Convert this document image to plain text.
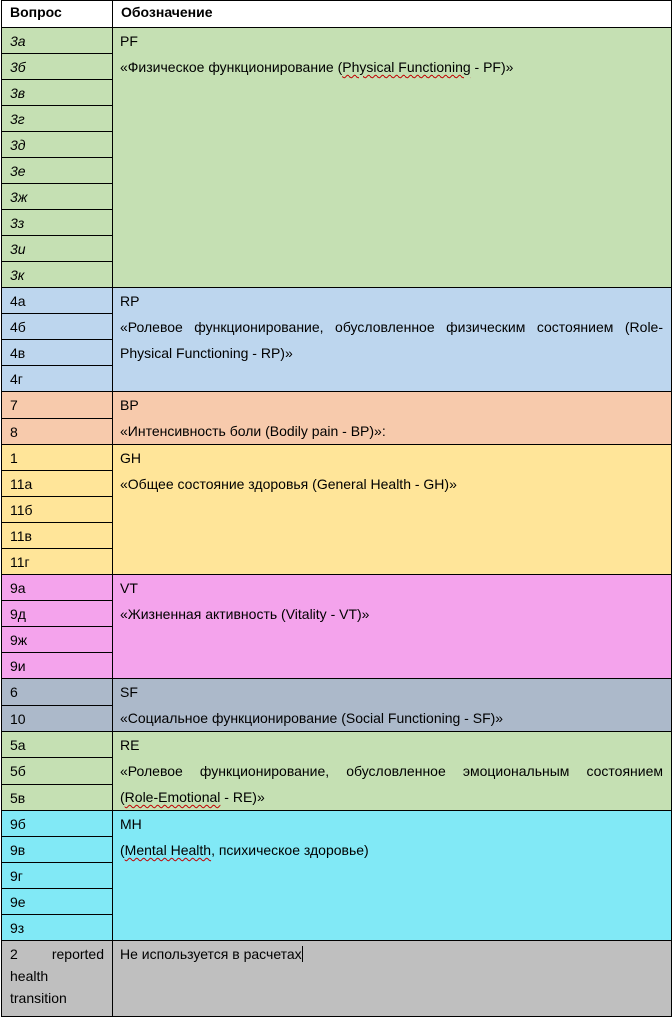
Вопрос	Обозначение
3а	PF
«Физическое функционирование (Physical Functioning - PF)»

3б	
3в	
3г	
3д	
3е	
3ж	
3з	
3и	
3к	
4а	RP
«Ролевое функционирование, обусловленное физическим состоянием (Role-
Physical Functioning - RP)»

4б	
4в	
4г	
7	BP
«Интенсивность боли (Bodily pain - BP)»:

8	
1	GH
«Общее состояние здоровья (General Health - GH)»

11а	
11б	
11в	
11г	
9а	VT
«Жизненная активность (Vitality - VT)»

9д	
9ж	
9и	
6	SF
«Социальное функционирование (Social Functioning - SF)»

10	
5а	RE
«Ролевое функционирование, обусловленное эмоциональным состоянием
(Role-Emotional - RE)»

5б	
5в	
9б	MH
(Mental Health, психическое здоровье)

9в	
9г	
9е	
9з	

2 reported
health
transition	Не используется в расчетах
